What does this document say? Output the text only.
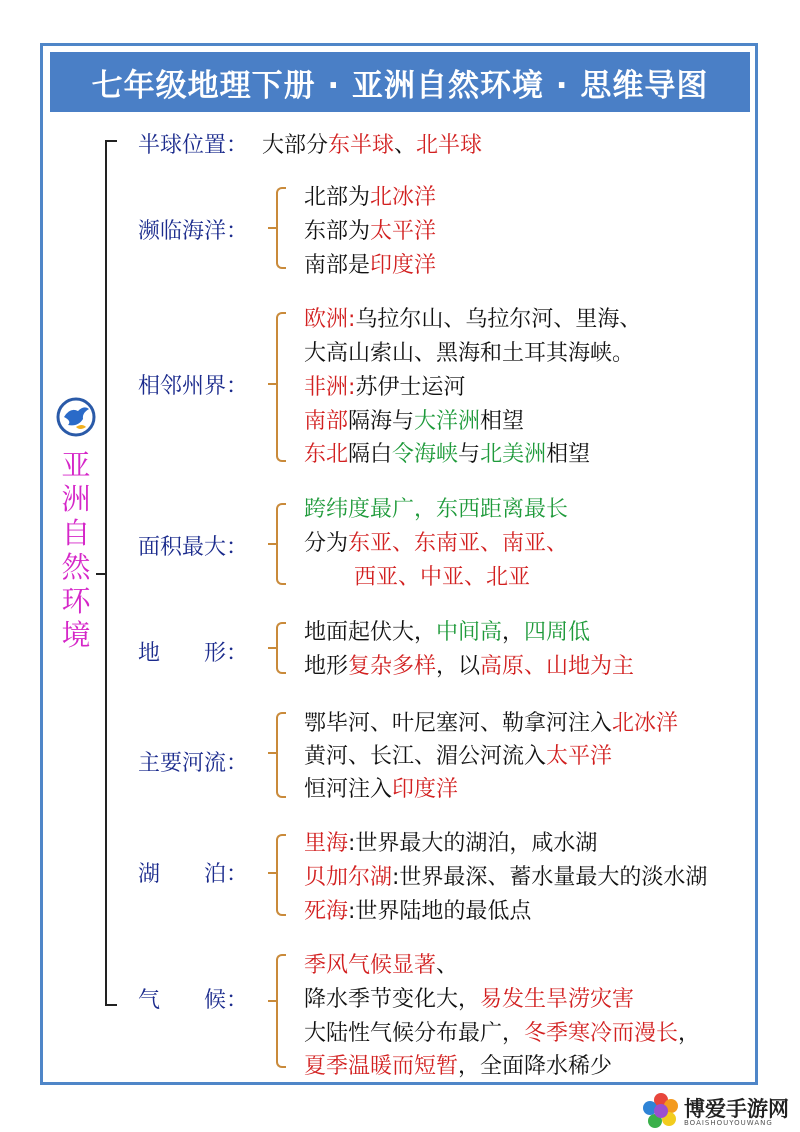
七年级地理下册 · 亚洲自然环境 · 思维导图
亚洲自然环境
半球位置： 大部分东半球、北半球
濒临海洋：
北部为北冰洋
东部为太平洋
南部是印度洋
相邻州界：
欧洲:乌拉尔山、乌拉尔河、里海、
大高山索山、黑海和土耳其海峡。
非洲:苏伊士运河
南部隔海与大洋洲相望
东北隔白令海峡与北美洲相望
面积最大：
跨纬度最广，东西距离最长
分为东亚、东南亚、南亚、
西亚、中亚、北亚
地　　形：
地面起伏大，中间高，四周低
地形复杂多样，以高原、山地为主
主要河流：
鄂毕河、叶尼塞河、勒拿河注入北冰洋
黄河、长江、湄公河流入太平洋
恒河注入印度洋
湖　　泊：
里海:世界最大的湖泊，咸水湖
贝加尔湖:世界最深、蓄水量最大的淡水湖
死海:世界陆地的最低点
气　　候：
季风气候显著、
降水季节变化大，易发生旱涝灾害
大陆性气候分布最广，冬季寒冷而漫长，
夏季温暖而短暂，全面降水稀少
博爱手游网
BOAISHOUYOUWANG
